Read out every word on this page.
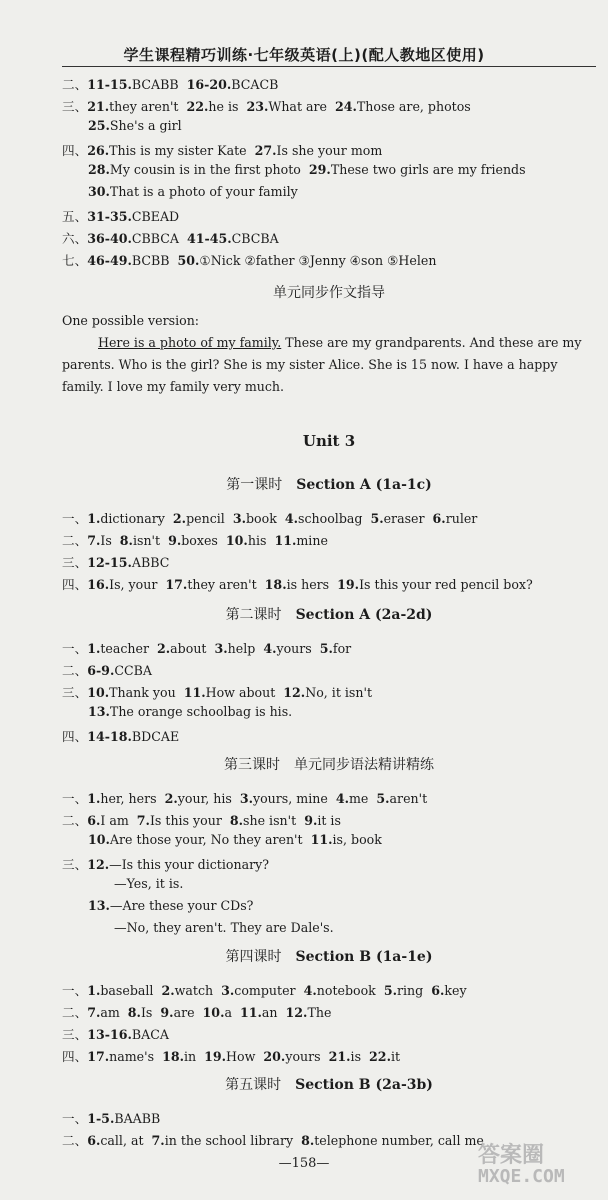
学生课程精巧训练·七年级英语(上)(配人教地区使用)
二、11-15.BCABB 16-20.BCACB
三、21.they aren't 22.he is 23.What are 24.Those are, photos
25.She's a girl
四、26.This is my sister Kate 27.Is she your mom
28.My cousin is in the first photo 29.These two girls are my friends
30.That is a photo of your family
五、31-35.CBEAD
六、36-40.CBBCA 41-45.CBCBA
七、46-49.BCBB 50.①Nick ②father ③Jenny ④son ⑤Helen
单元同步作文指导
One possible version:
Here is a photo of my family. These are my grandparents. And these are my
parents. Who is the girl? She is my sister Alice. She is 15 now. I have a happy
family. I love my family very much.
Unit 3
第一课时 Section A (1a-1c)
一、1.dictionary 2.pencil 3.book 4.schoolbag 5.eraser 6.ruler
二、7.Is 8.isn't 9.boxes 10.his 11.mine
三、12-15.ABBC
四、16.Is, your 17.they aren't 18.is hers 19.Is this your red pencil box?
第二课时 Section A (2a-2d)
一、1.teacher 2.about 3.help 4.yours 5.for
二、6-9.CCBA
三、10.Thank you 11.How about 12.No, it isn't
13.The orange schoolbag is his.
四、14-18.BDCAE
第三课时 单元同步语法精讲精练
一、1.her, hers 2.your, his 3.yours, mine 4.me 5.aren't
二、6.I am 7.Is this your 8.she isn't 9.it is
10.Are those your, No they aren't 11.is, book
三、12.—Is this your dictionary?
—Yes, it is.
13.—Are these your CDs?
—No, they aren't. They are Dale's.
第四课时 Section B (1a-1e)
一、1.baseball 2.watch 3.computer 4.notebook 5.ring 6.key
二、7.am 8.Is 9.are 10.a 11.an 12.The
三、13-16.BACA
四、17.name's 18.in 19.How 20.yours 21.is 22.it
第五课时 Section B (2a-3b)
一、1-5.BAABB
二、6.call, at 7.in the school library 8.telephone number, call me
—158—	答案圈
MXQE.COM
